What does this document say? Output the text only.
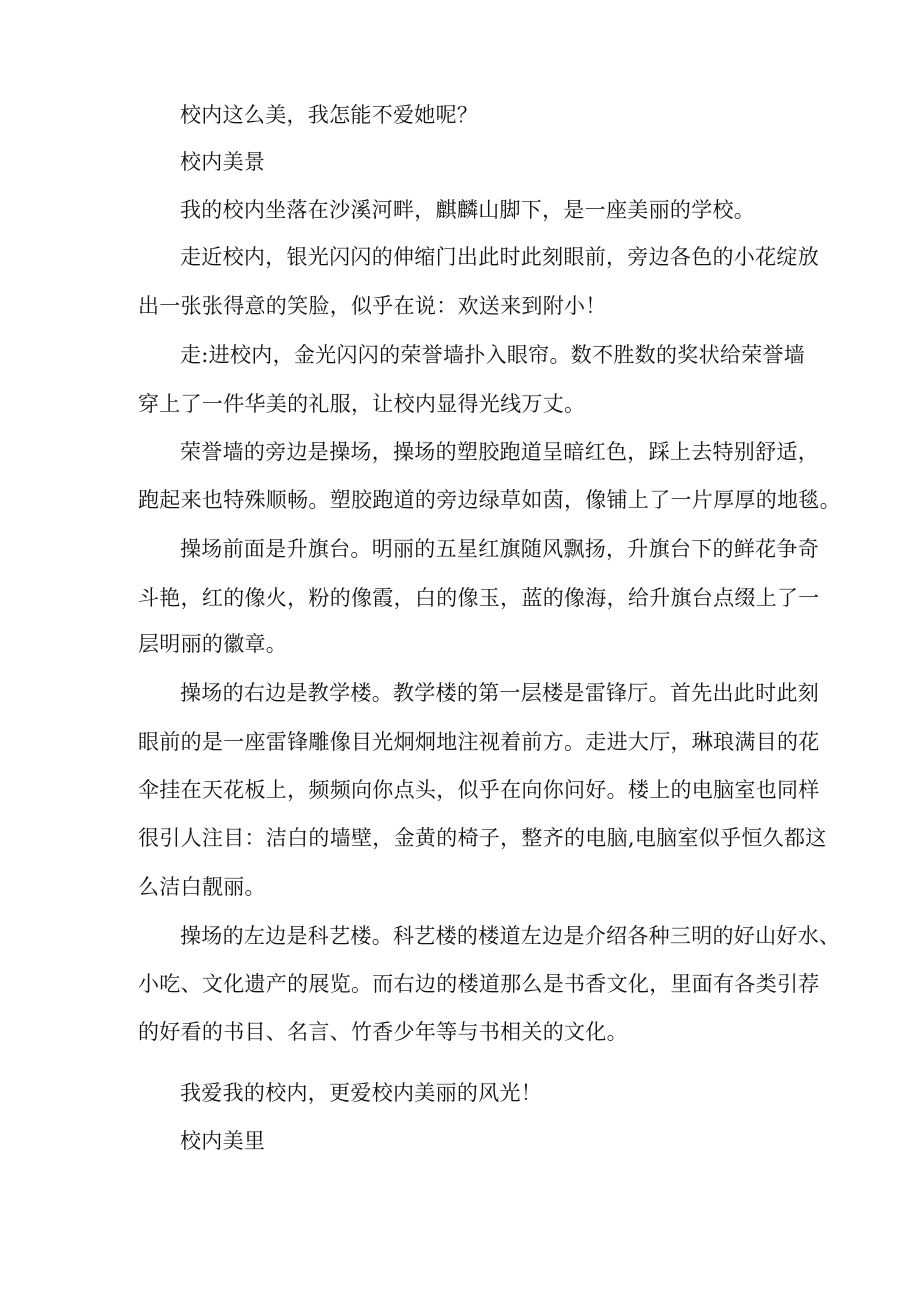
校内这么美，我怎能不爱她呢？
校内美景
我的校内坐落在沙溪河畔，麒麟山脚下，是一座美丽的学校。
走近校内，银光闪闪的伸缩门出此时此刻眼前，旁边各色的小花绽放
出一张张得意的笑脸，似乎在说：欢送来到附小！
走:进校内，金光闪闪的荣誉墙扑入眼帘。数不胜数的奖状给荣誉墙
穿上了一件华美的礼服，让校内显得光线万丈。
荣誉墙的旁边是操场，操场的塑胶跑道呈暗红色，踩上去特别舒适，
跑起来也特殊顺畅。塑胶跑道的旁边绿草如茵，像铺上了一片厚厚的地毯。
操场前面是升旗台。明丽的五星红旗随风飘扬，升旗台下的鲜花争奇
斗艳，红的像火，粉的像霞，白的像玉，蓝的像海，给升旗台点缀上了一
层明丽的徽章。
操场的右边是教学楼。教学楼的第一层楼是雷锋厅。首先出此时此刻
眼前的是一座雷锋雕像目光炯炯地注视着前方。走进大厅，琳琅满目的花
伞挂在天花板上，频频向你点头，似乎在向你问好。楼上的电脑室也同样
很引人注目：洁白的墙壁，金黄的椅子，整齐的电脑,电脑室似乎恒久都这
么洁白靓丽。
操场的左边是科艺楼。科艺楼的楼道左边是介绍各种三明的好山好水、
小吃、文化遗产的展览。而右边的楼道那么是书香文化，里面有各类引荐
的好看的书目、名言、竹香少年等与书相关的文化。
我爱我的校内，更爱校内美丽的风光！
校内美里
